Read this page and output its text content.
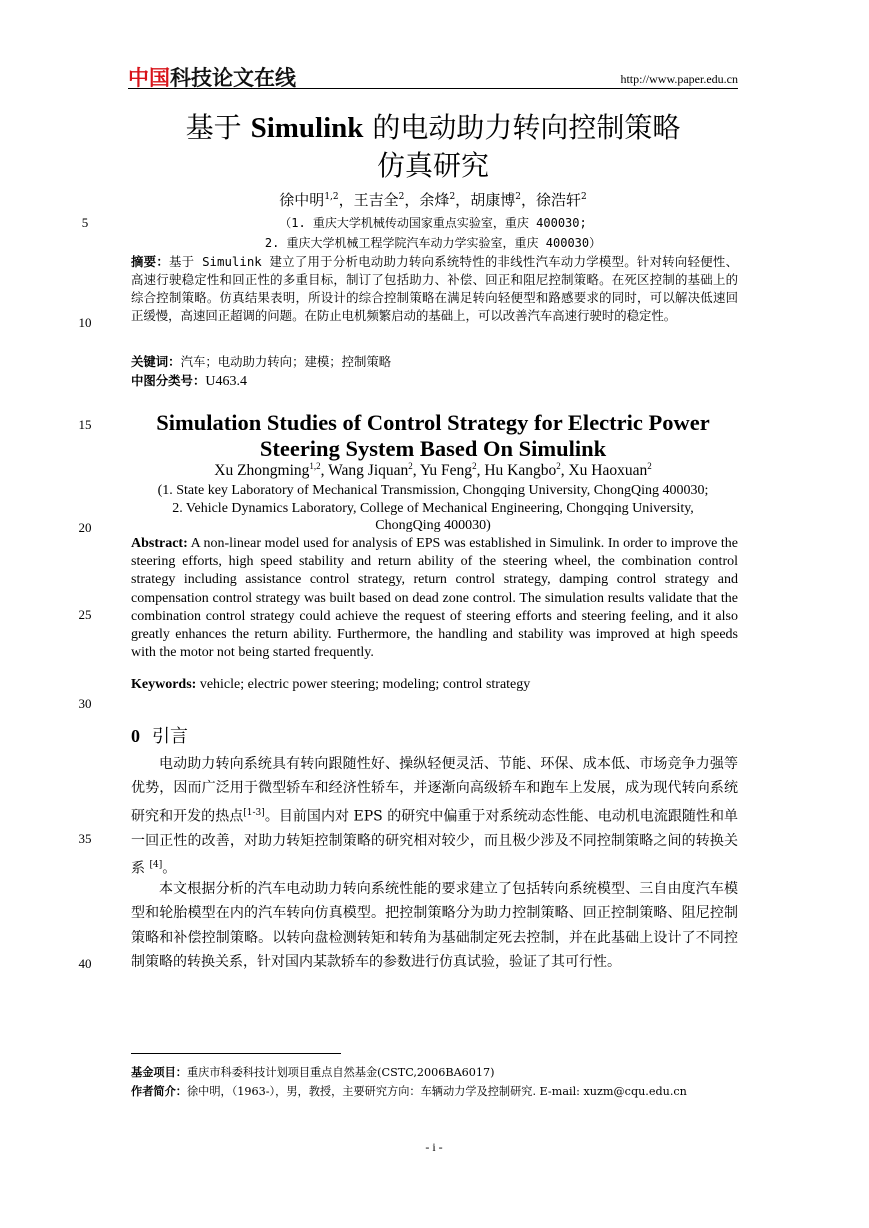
中国科技论文在线	http://www.paper.edu.cn
基于 Simulink 的电动助力转向控制策略
仿真研究
徐中明$^{1,2}$，王吉全$^2$，余烽$^2$，胡康博$^2$，徐浩轩$^2$
（1. 重庆大学机械传动国家重点实验室，重庆 400030;
2. 重庆大学机械工程学院汽车动力学实验室，重庆 400030）
摘要：基于 Simulink 建立了用于分析电动助力转向系统特性的非线性汽车动力学模型。针对转向轻便性、高速行驶稳定性和回正性的多重目标，制订了包括助力、补偿、回正和阻尼控制策略。在死区控制的基础上的综合控制策略。仿真结果表明，所设计的综合控制策略在满足转向轻便型和路感要求的同时，可以解决低速回正缓慢，高速回正超调的问题。在防止电机频繁启动的基础上，可以改善汽车高速行驶时的稳定性。
关键词：汽车；电动助力转向；建模；控制策略
中图分类号：U463.4
Simulation Studies of Control Strategy for Electric Power
Steering System Based On Simulink
Xu Zhongming$^{1,2}$, Wang Jiquan$^2$, Yu Feng$^2$, Hu Kangbo$^2$, Xu Haoxuan$^2$
(1. State key Laboratory of Mechanical Transmission, Chongqing University, ChongQing 400030;
2. Vehicle Dynamics Laboratory, College of Mechanical Engineering, Chongqing University,
ChongQing 400030)
Abstract: A non-linear model used for analysis of EPS was established in Simulink. In order to improve the steering efforts, high speed stability and return ability of the steering wheel, the combination control strategy including assistance control strategy, return control strategy, damping control strategy and compensation control strategy was built based on dead zone control. The simulation results validate that the combination control strategy could achieve the request of steering efforts and steering feeling, and it also greatly enhances the return ability. Furthermore, the handling and stability was improved at high speeds with the motor not being started frequently.
Keywords: vehicle; electric power steering; modeling; control strategy
0 引言
电动助力转向系统具有转向跟随性好、操纵轻便灵活、节能、环保、成本低、市场竞争力强等优势，因而广泛用于微型轿车和经济性轿车，并逐渐向高级轿车和跑车上发展，成为现代转向系统研究和开发的热点[1-3]。目前国内对 EPS 的研究中偏重于对系统动态性能、电动机电流跟随性和单一回正性的改善，对助力转矩控制策略的研究相对较少，而且极少涉及不同控制策略之间的转换关系 [4]。
本文根据分析的汽车电动助力转向系统性能的要求建立了包括转向系统模型、三自由度汽车模型和轮胎模型在内的汽车转向仿真模型。把控制策略分为助力控制策略、回正控制策略、阻尼控制策略和补偿控制策略。以转向盘检测转矩和转角为基础制定死去控制，并在此基础上设计了不同控制策略的转换关系，针对国内某款轿车的参数进行仿真试验，验证了其可行性。
基金项目：重庆市科委科技计划项目重点自然基金(CSTC,2006BA6017)
作者简介：徐中明，（1963-），男，教授，主要研究方向：车辆动力学及控制研究. E-mail: xuzm@cqu.edu.cn
5
10
15
20
25
30
35
40
- i -
